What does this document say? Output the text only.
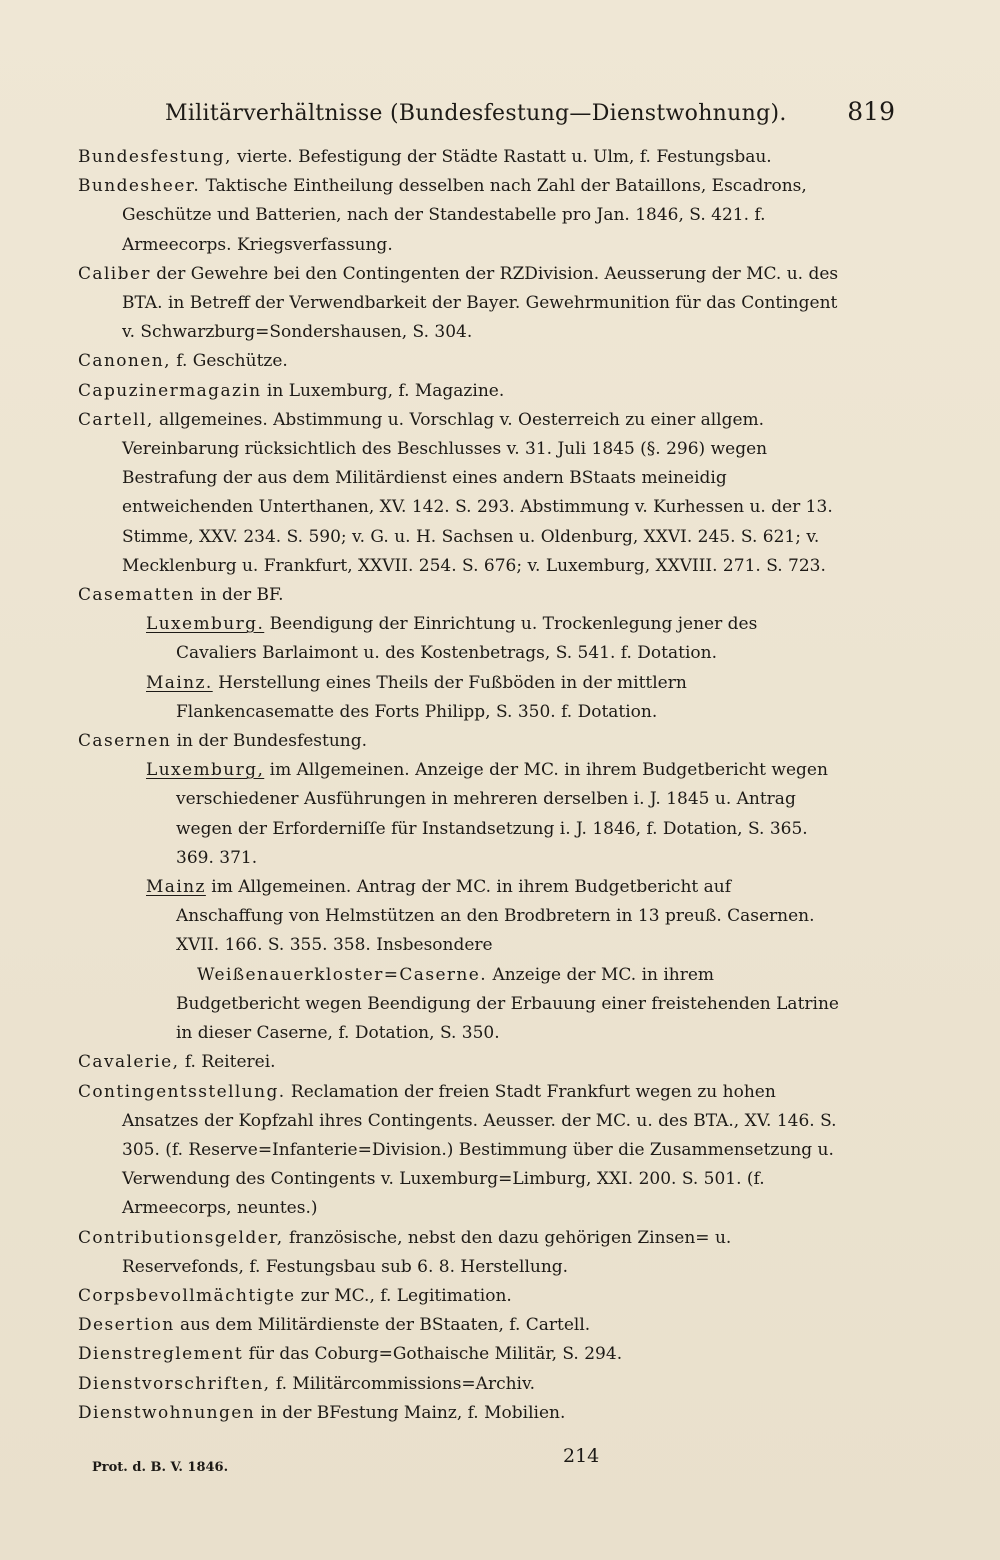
Militärverhältnisse (Bundesfestung—Dienstwohnung). 819

Bundesfestung, vierte. Befestigung der Städte Rastatt u. Ulm, f. Festungsbau.

Bundesheer. Taktische Eintheilung desselben nach Zahl der Bataillons, Escadrons, Geschütze und Batterien, nach der Standestabelle pro Jan. 1846, S. 421. f. Armeecorps. Kriegsverfassung.

Caliber der Gewehre bei den Contingenten der RZDivision. Aeusserung der MC. u. des BTA. in Betreff der Verwendbarkeit der Bayer. Gewehrmunition für das Contingent v. Schwarzburg=Sondershausen, S. 304.

Canonen, f. Geschütze.

Capuzinermagazin in Luxemburg, f. Magazine.

Cartell, allgemeines. Abstimmung u. Vorschlag v. Oesterreich zu einer allgem. Vereinbarung rücksichtlich des Beschlusses v. 31. Juli 1845 (§. 296) wegen Bestrafung der aus dem Militärdienst eines andern BStaats meineidig entweichenden Unterthanen, XV. 142. S. 293. Abstimmung v. Kurhessen u. der 13. Stimme, XXV. 234. S. 590; v. G. u. H. Sachsen u. Oldenburg, XXVI. 245. S. 621; v. Mecklenburg u. Frankfurt, XXVII. 254. S. 676; v. Luxemburg, XXVIII. 271. S. 723.

Casematten in der BF.

Luxemburg. Beendigung der Einrichtung u. Trockenlegung jener des Cavaliers Barlaimont u. des Kostenbetrags, S. 541. f. Dotation.

Mainz. Herstellung eines Theils der Fußböden in der mittlern Flankencasematte des Forts Philipp, S. 350. f. Dotation.

Casernen in der Bundesfestung.

Luxemburg, im Allgemeinen. Anzeige der MC. in ihrem Budgetbericht wegen verschiedener Ausführungen in mehreren derselben i. J. 1845 u. Antrag wegen der Erforderniſſe für Instandsetzung i. J. 1846, f. Dotation, S. 365. 369. 371.

Mainz im Allgemeinen. Antrag der MC. in ihrem Budgetbericht auf Anschaffung von Helmstützen an den Brodbretern in 13 preuß. Casernen. XVII. 166. S. 355. 358. Insbesondere

Weißenauerkloster=Caserne. Anzeige der MC. in ihrem Budgetbericht wegen Beendigung der Erbauung einer freistehenden Latrine in dieser Caserne, f. Dotation, S. 350.

Cavalerie, f. Reiterei.

Contingentsstellung. Reclamation der freien Stadt Frankfurt wegen zu hohen Ansatzes der Kopfzahl ihres Contingents. Aeusser. der MC. u. des BTA., XV. 146. S. 305. (f. Reserve=Infanterie=Division.) Bestimmung über die Zusammensetzung u. Verwendung des Contingents v. Luxemburg=Limburg, XXI. 200. S. 501. (f. Armeecorps, neuntes.)

Contributionsgelder, französische, nebst den dazu gehörigen Zinsen= u. Reservefonds, f. Festungsbau sub 6. 8. Herstellung.

Corpsbevollmächtigte zur MC., f. Legitimation.

Desertion aus dem Militärdienste der BStaaten, f. Cartell.

Dienstreglement für das Coburg=Gothaische Militär, S. 294.

Dienstvorschriften, f. Militärcommissions=Archiv.

Dienstwohnungen in der BFestung Mainz, f. Mobilien.

Prot. d. B. V. 1846.
214
